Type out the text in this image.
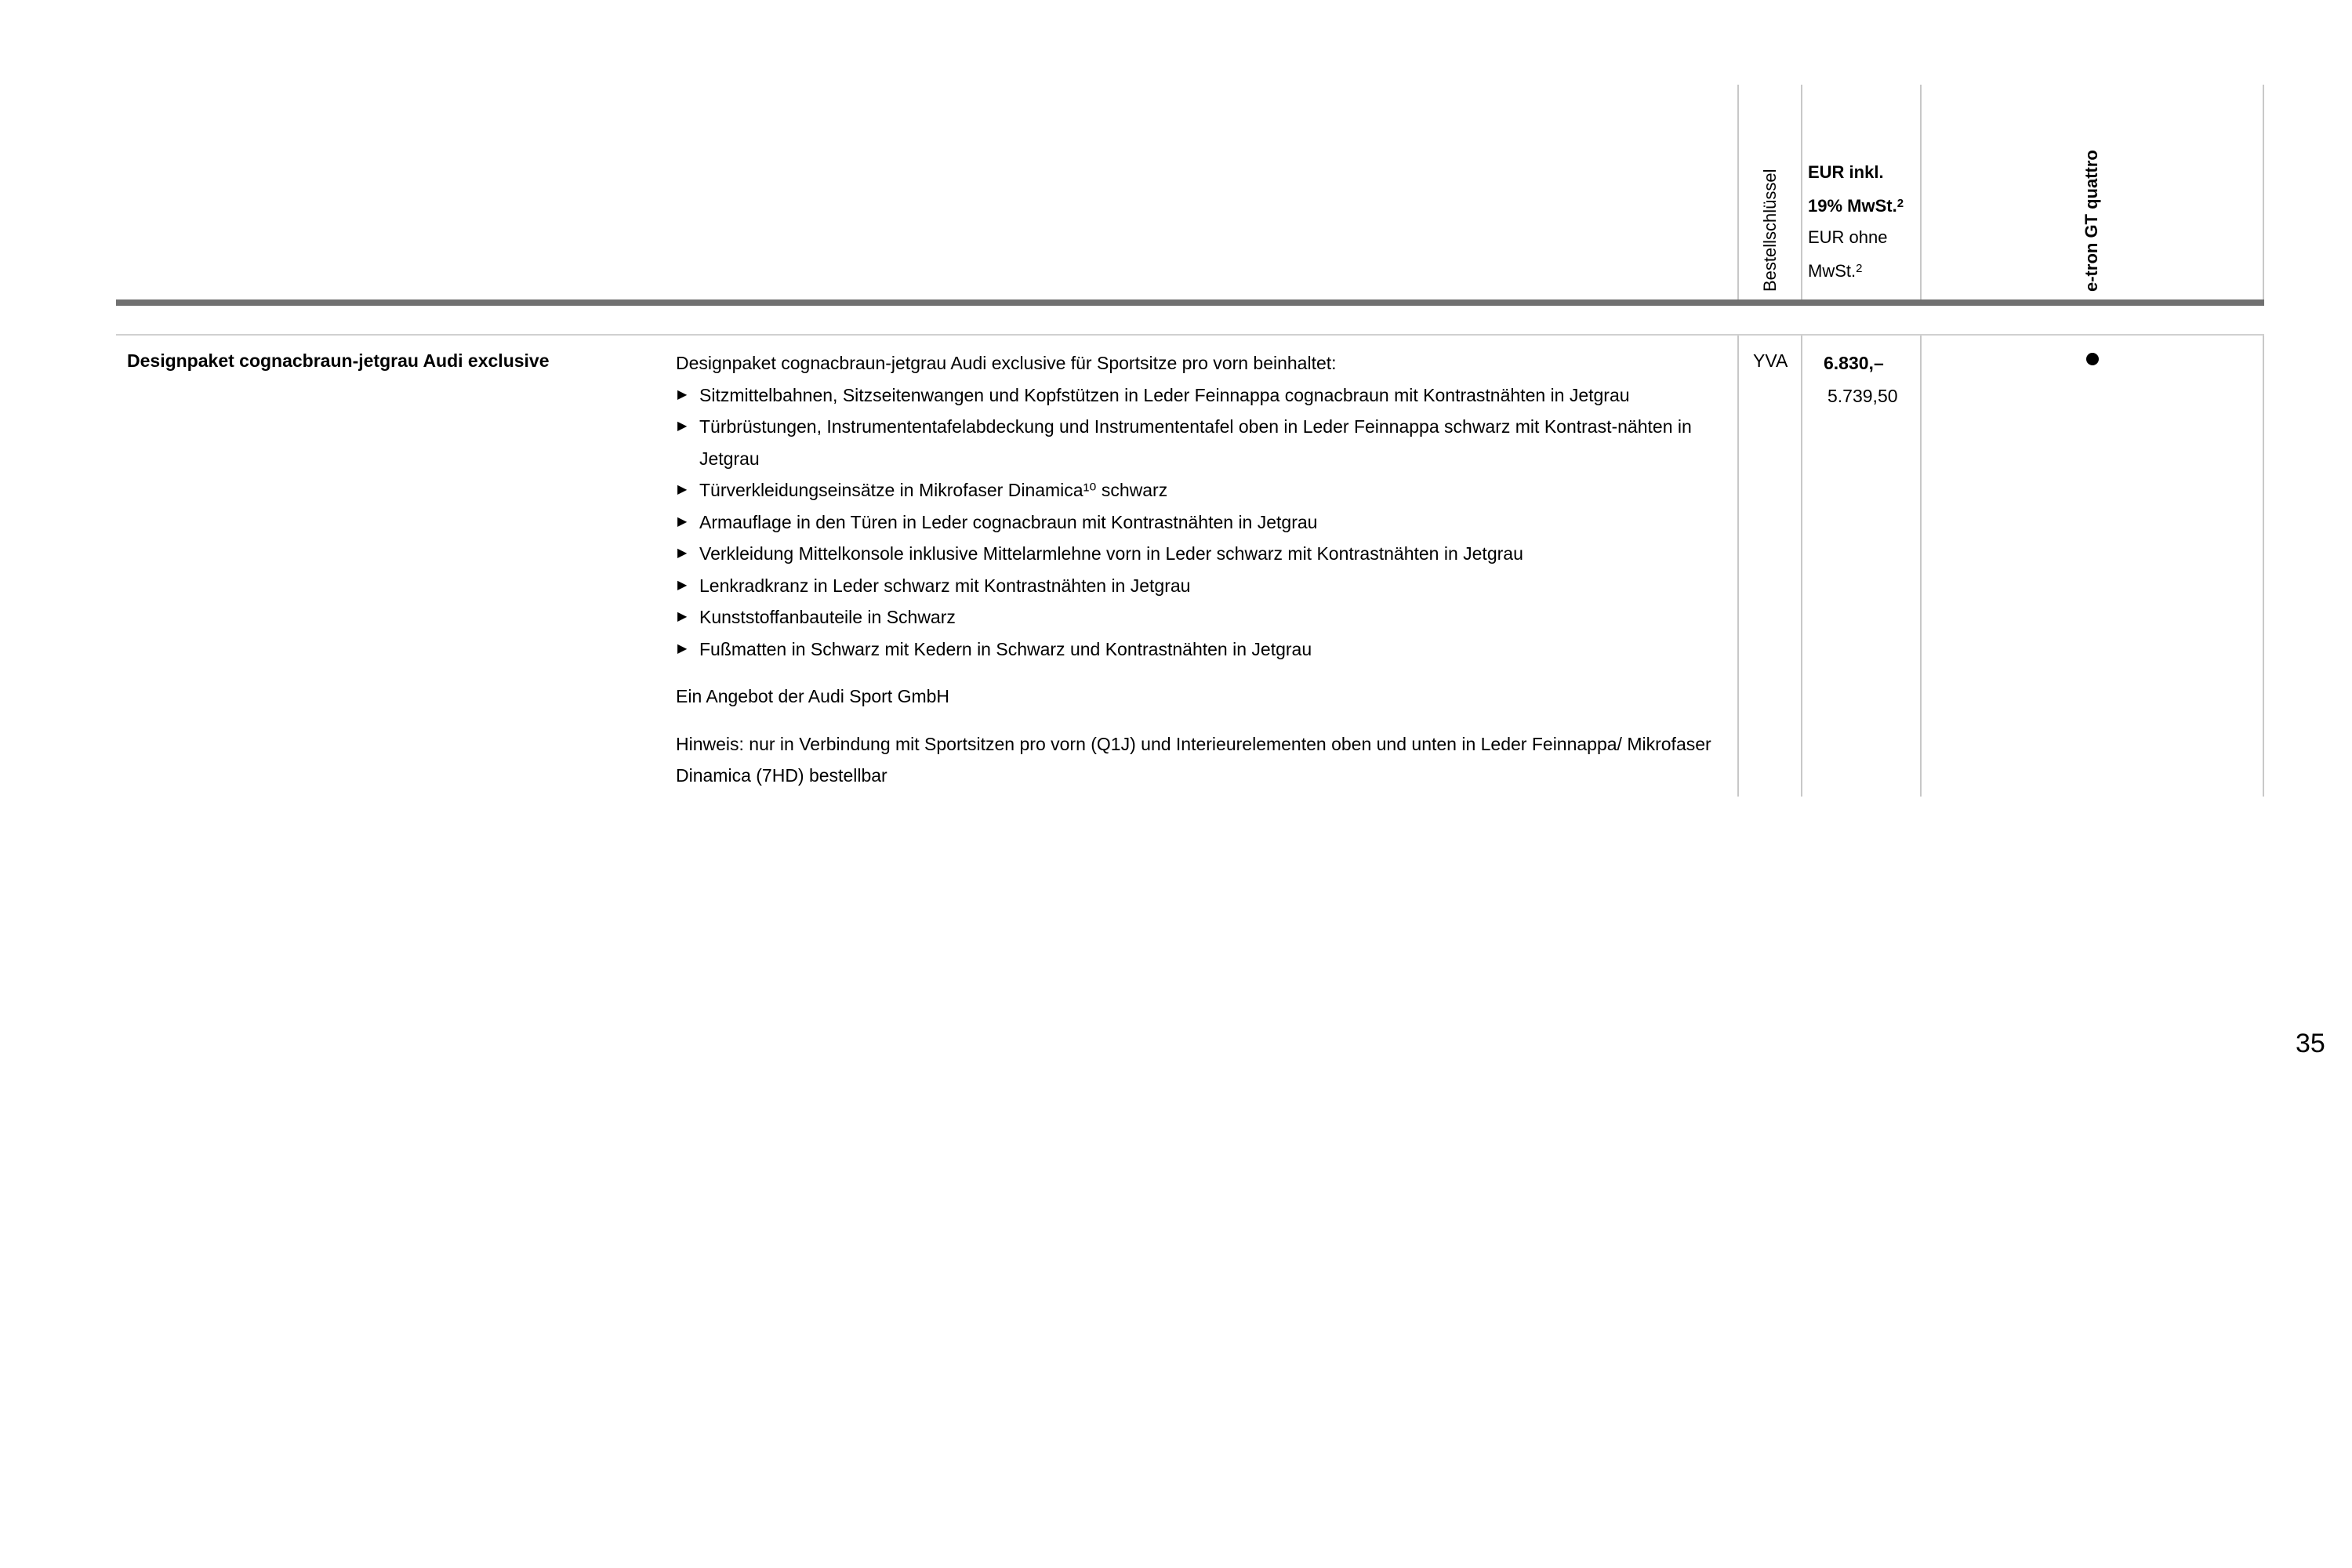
Bestellschlüssel EUR inkl.
19% MwSt.$^2$
EUR ohne
MwSt.$^2$	e-tron GT quattro
Designpaket cognacbraun-jetgrau Audi exclusive	Designpaket cognacbraun-jetgrau Audi exclusive für Sportsitze pro vorn beinhaltet:

▶ Sitzmittelbahnen, Sitzseitenwangen und Kopfstützen in Leder Feinnappa cognacbraun mit Kontrastnähten in Jetgrau
▶ Türbrüstungen, Instrumententafelabdeckung und Instrumententafel oben in Leder Feinnappa schwarz mit Kontrast-nähten in Jetgrau
▶ Türverkleidungseinsätze in Mikrofaser Dinamica¹⁰ schwarz
▶ Armauflage in den Türen in Leder cognacbraun mit Kontrastnähten in Jetgrau
▶ Verkleidung Mittelkonsole inklusive Mittelarmlehne vorn in Leder schwarz mit Kontrastnähten in Jetgrau
▶ Lenkradkranz in Leder schwarz mit Kontrastnähten in Jetgrau
▶ Kunststoffanbauteile in Schwarz
▶ Fußmatten in Schwarz mit Kedern in Schwarz und Kontrastnähten in Jetgrau

Ein Angebot der Audi Sport GmbH

Hinweis: nur in Verbindung mit Sportsitzen pro vorn (Q1J) und Interieurelementen oben und unten in Leder Feinnappa/ Mikrofaser Dinamica (7HD) bestellbar

YVA 6.830,–
5.739,50
35
